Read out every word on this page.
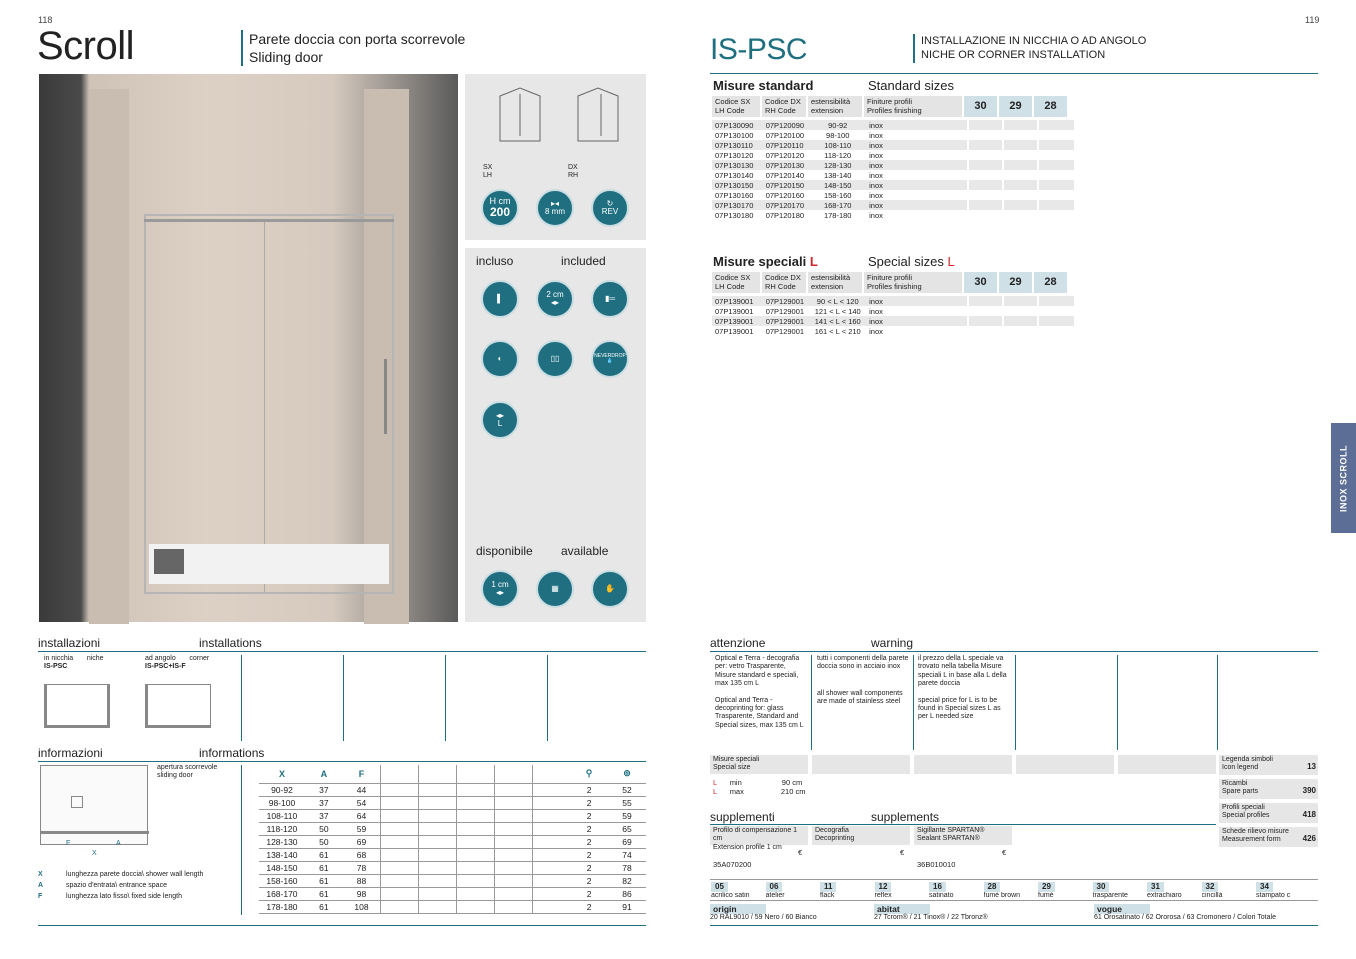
118
Scroll	Parete doccia con porta scorrevole
Sliding door
SX
LH
DX
RH
H cm
200
▸◂
8 mm
↻
REV
incluso	included
▌	2 cm
◂▸	▮═
◐	▯▯	NEVERDROP
💧
◂▸
L
disponibile available
1 cm
◂▸	▦	✋
installazioni	installations
in nicchia niche
IS-PSC
ad angolo corner
IS-PSC+IS-F
informazioni	informations
F	A
X
apertura scorrevole
sliding door
X	lunghezza parete doccia\ shower wall length
A	spazio d'entrata\ entrance space
F	lunghezza lato fisso\ fixed side length
X	A	F						⚲	⊚
90-92	37	44						2	52
98-100	37	54						2	55
108-110	37	64						2	59
118-120	50	59						2	65
128-130	50	69						2	69
138-140	61	68						2	74
148-150	61	78						2	78
158-160	61	88						2	82
168-170	61	98						2	86
178-180	61	108						2	91
119
IS-PSC	INSTALLAZIONE IN NICCHIA O AD ANGOLO
NICHE OR CORNER INSTALLATION
INOX SCROLL
Misure standard	Standard sizes
Codice SX
LH Code
Codice DX
RH Code
estensibilità
extension
Finiture profili
Profiles finishing	30	29	28
07P130090	07P120090	90-92	inox			
07P130100	07P120100	98-100	inox			
07P130110	07P120110	108-110	inox			
07P130120	07P120120	118-120	inox			
07P130130	07P120130	128-130	inox			
07P130140	07P120140	138-140	inox			
07P130150	07P120150	148-150	inox			
07P130160	07P120160	158-160	inox			
07P130170	07P120170	168-170	inox			
07P130180	07P120180	178-180	inox			
Misure speciali L	Special sizes L
Codice SX
LH Code
Codice DX
RH Code
estensibilità
extension
Finiture profili
Profiles finishing	30	29	28
07P139001	07P129001	90 < L < 120	inox			
07P139001	07P129001	121 < L < 140	inox			
07P139001	07P129001	141 < L < 160	inox			
07P139001	07P129001	161 < L < 210	inox			
attenzione	warning
Optical e Terra - decografia per: vetro Trasparente, Misure standard e speciali, max 135 cm L
Optical and Terra - decoprinting for: glass Trasparente, Standard and Special sizes, max 135 cm L
tutti i componenti della parete doccia sono in acciaio inox
all shower wall components are made of stainless steel
il prezzo della L speciale va trovato nella tabella Misure speciali L in base alla L della parete doccia
special price for L is to be found in Special sizes L as per L needed size
Misure speciali
Special size
L min	90 cm
L max	210 cm
Legenda simboli
Icon legend	13
Ricambi
Spare parts	390
Profili speciali
Special profiles	418
Schede rilievo misure
Measurement form	426
supplementi	supplements
Profilo di compensazione 1 cm
Extension profile 1 cm
€
35A070200
Decografia
Decoprinting
€
Sigillante SPARTAN®
Sealant SPARTAN®
€
36B010010
05
acrilico satin
06
atelier
11
flack
12
reflex
16
satinato
28
fumè brown
29
fumè
30
trasparente
31
extrachiaro
32
cincillà
34
stampato c
origin
20 RAL9010 / 59 Nero / 60 Bianco
abitat
27 Tcrom® / 21 Tinox® / 22 Tbronz®
vogue
61 Orosatinato / 62 Ororosa / 63 Cromonero / Colori Totale
